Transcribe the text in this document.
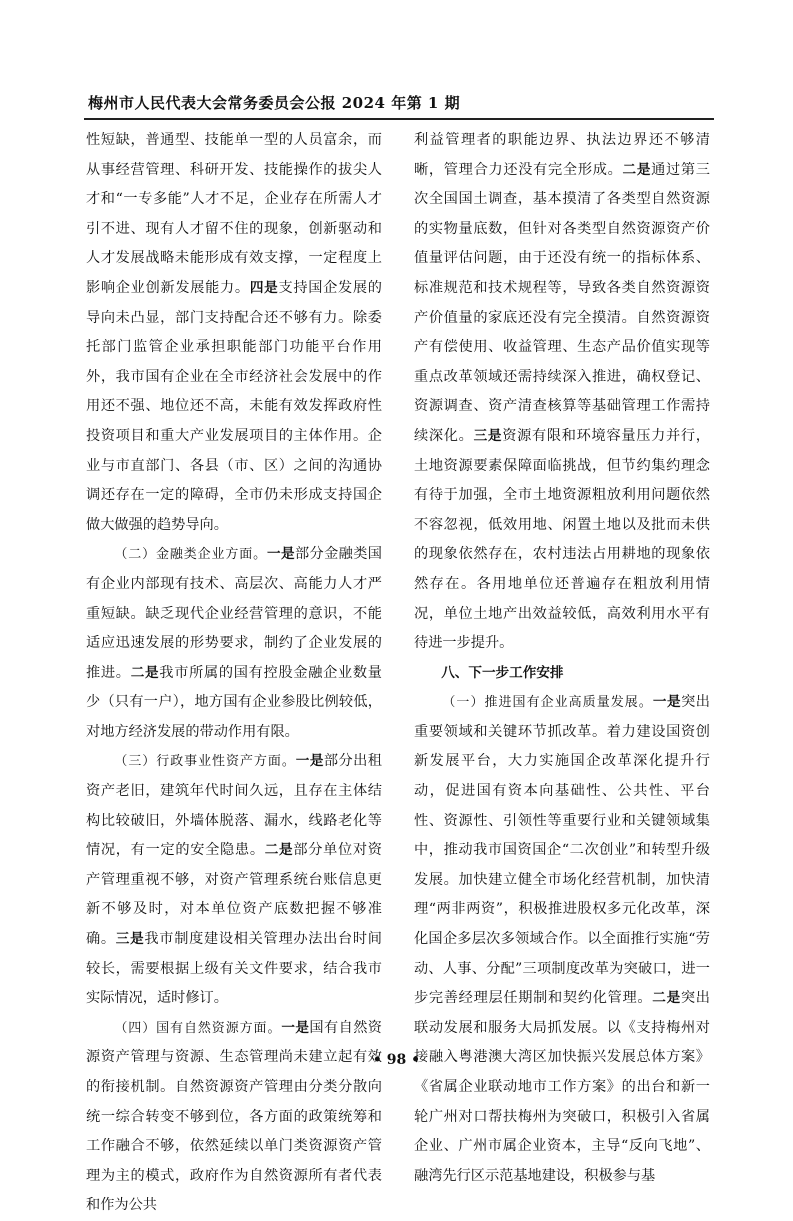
梅州市人民代表大会常务委员会公报 2024 年第 1 期

性短缺，普通型、技能单一型的人员富余，而从事经营管理、科研开发、技能操作的拔尖人才和“一专多能”人才不足，企业存在所需人才引不进、现有人才留不住的现象，创新驱动和人才发展战略未能形成有效支撑，一定程度上影响企业创新发展能力。四是支持国企发展的导向未凸显，部门支持配合还不够有力。除委托部门监管企业承担职能部门功能平台作用外，我市国有企业在全市经济社会发展中的作用还不强、地位还不高，未能有效发挥政府性投资项目和重大产业发展项目的主体作用。企业与市直部门、各县（市、区）之间的沟通协调还存在一定的障碍，全市仍未形成支持国企做大做强的趋势导向。

（二）金融类企业方面。一是部分金融类国有企业内部现有技术、高层次、高能力人才严重短缺。缺乏现代企业经营管理的意识，不能适应迅速发展的形势要求，制约了企业发展的推进。二是我市所属的国有控股金融企业数量少（只有一户），地方国有企业参股比例较低，对地方经济发展的带动作用有限。

（三）行政事业性资产方面。一是部分出租资产老旧，建筑年代时间久远，且存在主体结构比较破旧，外墙体脱落、漏水，线路老化等情况，有一定的安全隐患。二是部分单位对资产管理重视不够，对资产管理系统台账信息更新不够及时，对本单位资产底数把握不够准确。三是我市制度建设相关管理办法出台时间较长，需要根据上级有关文件要求，结合我市实际情况，适时修订。

（四）国有自然资源方面。一是国有自然资源资产管理与资源、生态管理尚未建立起有效的衔接机制。自然资源资产管理由分类分散向统一综合转变不够到位，各方面的政策统筹和工作融合不够，依然延续以单门类资源资产管理为主的模式，政府作为自然资源所有者代表和作为公共

利益管理者的职能边界、执法边界还不够清晰，管理合力还没有完全形成。二是通过第三次全国国土调查，基本摸清了各类型自然资源的实物量底数，但针对各类型自然资源资产价值量评估问题，由于还没有统一的指标体系、标准规范和技术规程等，导致各类自然资源资产价值量的家底还没有完全摸清。自然资源资产有偿使用、收益管理、生态产品价值实现等重点改革领域还需持续深入推进，确权登记、资源调查、资产清查核算等基础管理工作需持续深化。三是资源有限和环境容量压力并行，土地资源要素保障面临挑战，但节约集约理念有待于加强，全市土地资源粗放利用问题依然不容忽视，低效用地、闲置土地以及批而未供的现象依然存在，农村违法占用耕地的现象依然存在。各用地单位还普遍存在粗放利用情况，单位土地产出效益较低，高效利用水平有待进一步提升。

八、下一步工作安排

（一）推进国有企业高质量发展。一是突出重要领域和关键环节抓改革。着力建设国资创新发展平台，大力实施国企改革深化提升行动，促进国有资本向基础性、公共性、平台性、资源性、引领性等重要行业和关键领域集中，推动我市国资国企“二次创业”和转型升级发展。加快建立健全市场化经营机制，加快清理“两非两资”，积极推进股权多元化改革，深化国企多层次多领域合作。以全面推行实施“劳动、人事、分配”三项制度改革为突破口，进一步完善经理层任期制和契约化管理。二是突出联动发展和服务大局抓发展。以《支持梅州对接融入粤港澳大湾区加快振兴发展总体方案》《省属企业联动地市工作方案》的出台和新一轮广州对口帮扶梅州为突破口，积极引入省属企业、广州市属企业资本，主导“反向飞地”、融湾先行区示范基地建设，积极参与基

• 98 •
